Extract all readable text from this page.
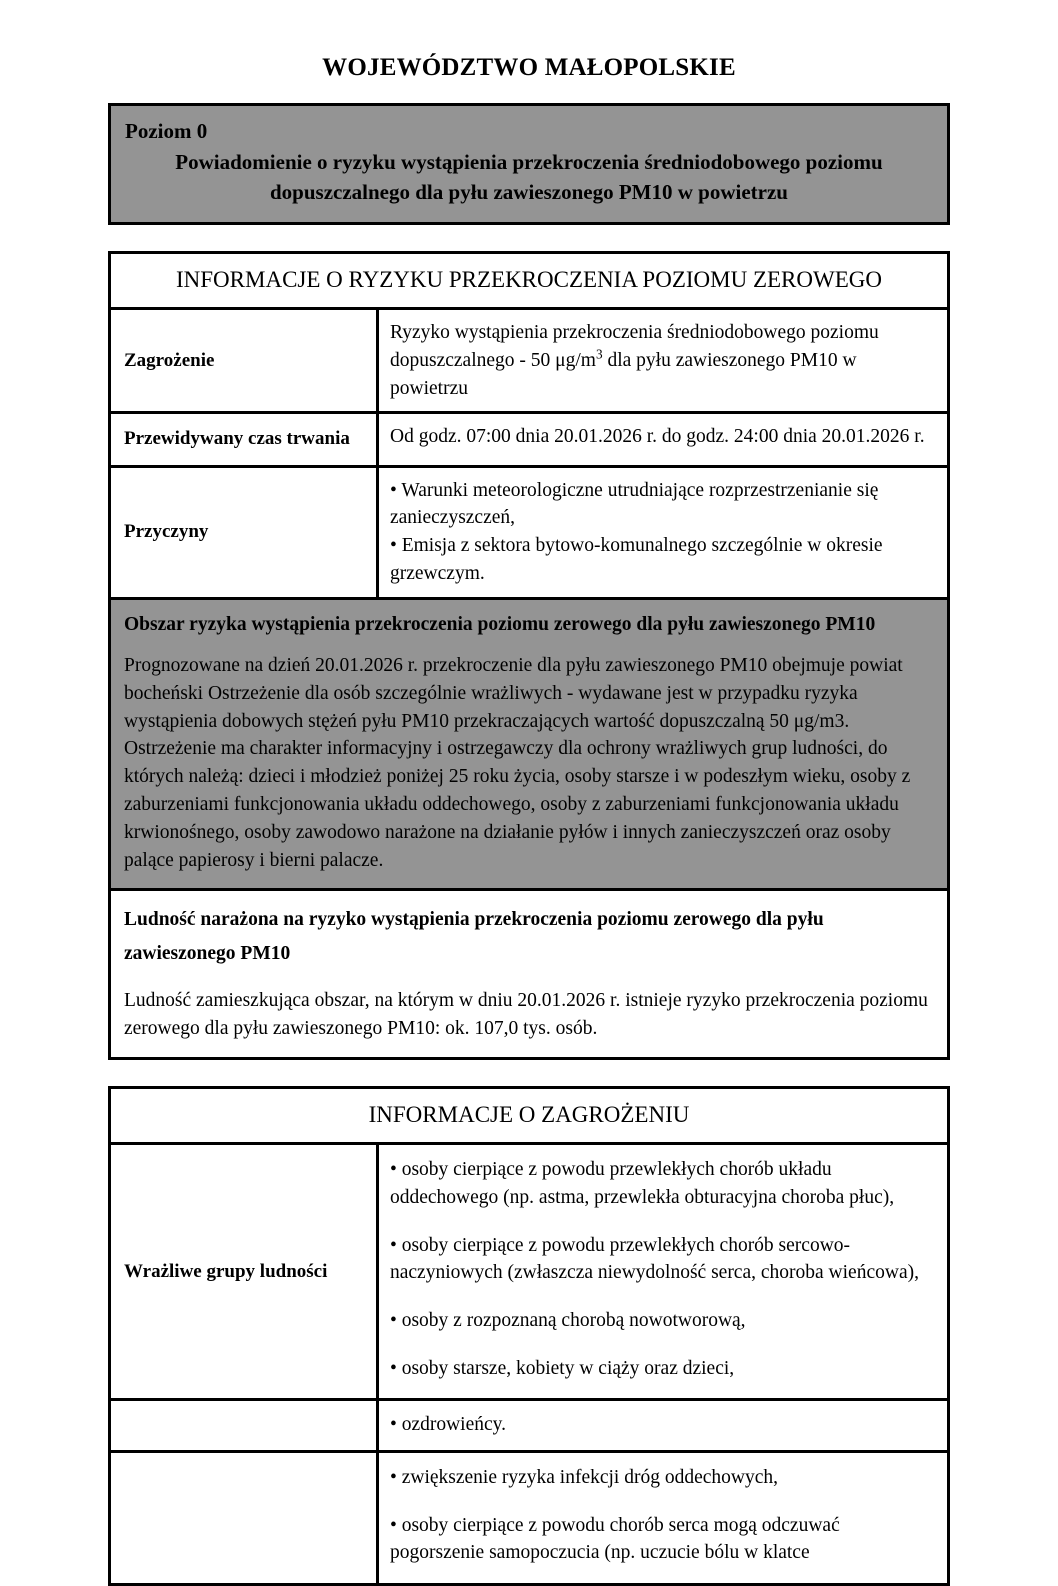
WOJEWÓDZTWO MAŁOPOLSKIE
Poziom 0
Powiadomienie o ryzyku wystąpienia przekroczenia średniodobowego poziomu dopuszczalnego dla pyłu zawieszonego PM10 w powietrzu
INFORMACJE O RYZYKU PRZEKROCZENIA POZIOMU ZEROWEGO
Zagrożenie
Ryzyko wystąpienia przekroczenia średniodobowego poziomu dopuszczalnego - 50 $\mu g/m^3$ dla pyłu zawieszonego PM10 w powietrzu
Przewidywany czas trwania	Od godz. 07:00 dnia 20.01.2026 r. do godz. 24:00 dnia 20.01.2026 r.
Przyczyny

• Warunki meteorologiczne utrudniające rozprzestrzenianie się zanieczyszczeń,

• Emisja z sektora bytowo-komunalnego szczególnie w okresie grzewczym.

Obszar ryzyka wystąpienia przekroczenia poziomu zerowego dla pyłu zawieszonego PM10
Prognozowane na dzień 20.01.2026 r. przekroczenie dla pyłu zawieszonego PM10 obejmuje powiat bocheński Ostrzeżenie dla osób szczególnie wrażliwych - wydawane jest w przypadku ryzyka wystąpienia dobowych stężeń pyłu PM10 przekraczających wartość dopuszczalną 50 μg/m3. Ostrzeżenie ma charakter informacyjny i ostrzegawczy dla ochrony wrażliwych grup ludności, do których należą: dzieci i młodzież poniżej 25 roku życia, osoby starsze i w podeszłym wieku, osoby z zaburzeniami funkcjonowania układu oddechowego, osoby z zaburzeniami funkcjonowania układu krwionośnego, osoby zawodowo narażone na działanie pyłów i innych zanieczyszczeń oraz osoby palące papierosy i bierni palacze.
Ludność narażona na ryzyko wystąpienia przekroczenia poziomu zerowego dla pyłu zawieszonego PM10
Ludność zamieszkująca obszar, na którym w dniu 20.01.2026 r. istnieje ryzyko przekroczenia poziomu zerowego dla pyłu zawieszonego PM10: ok. 107,0 tys. osób.
INFORMACJE O ZAGROŻENIU
Wrażliwe grupy ludności
• osoby cierpiące z powodu przewlekłych chorób układu oddechowego (np. astma, przewlekła obturacyjna choroba płuc),
• osoby cierpiące z powodu przewlekłych chorób sercowo-naczyniowych (zwłaszcza niewydolność serca, choroba wieńcowa),
• osoby z rozpoznaną chorobą nowotworową,
• osoby starsze, kobiety w ciąży oraz dzieci,
• ozdrowieńcy.
• zwiększenie ryzyka infekcji dróg oddechowych,
• osoby cierpiące z powodu chorób serca mogą odczuwać pogorszenie samopoczucia (np. uczucie bólu w klatce
